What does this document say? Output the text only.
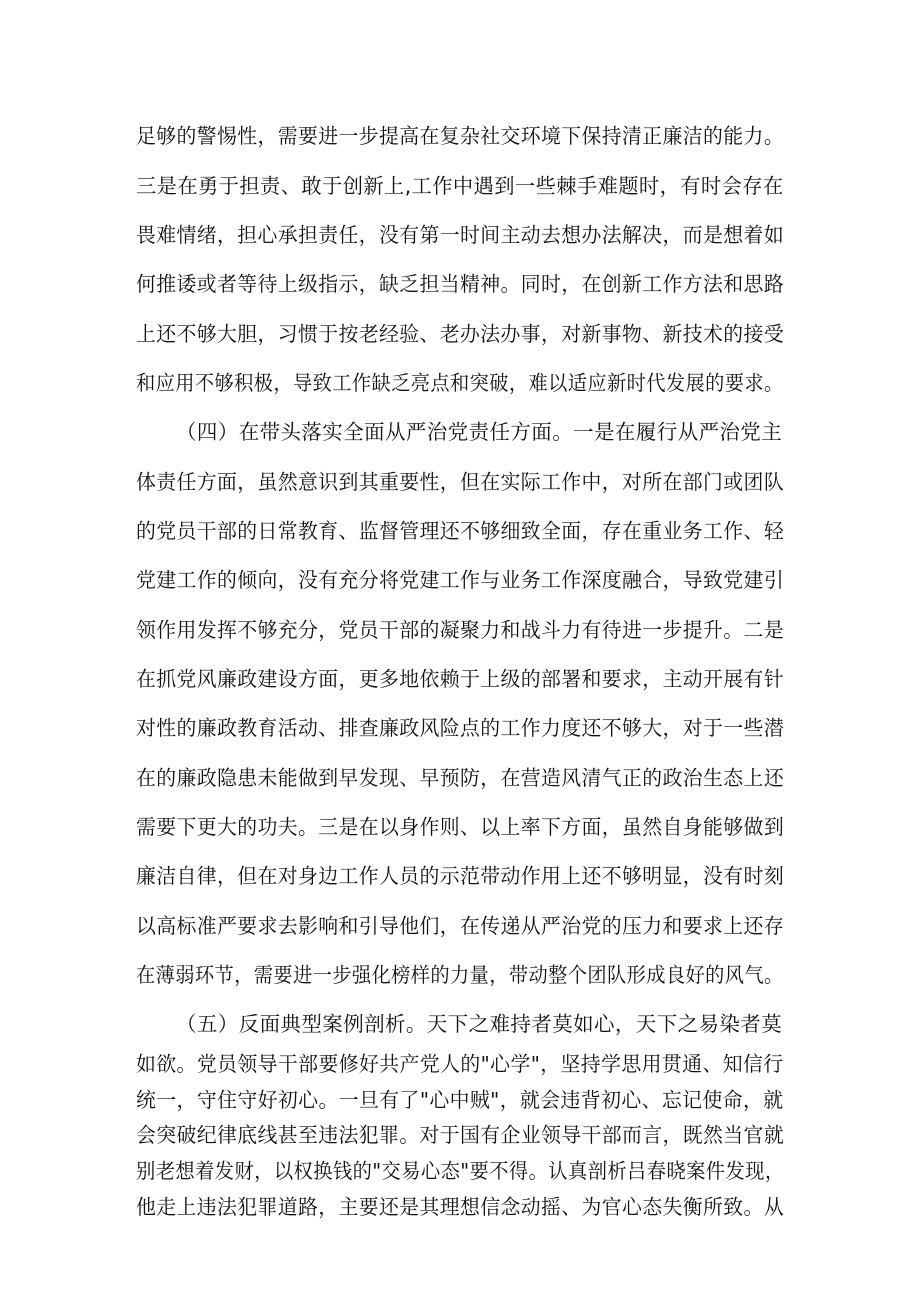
足够的警惕性，需要进一步提高在复杂社交环境下保持清正廉洁的能力。
三是在勇于担责、敢于创新上,工作中遇到一些棘手难题时，有时会存在
畏难情绪，担心承担责任，没有第一时间主动去想办法解决，而是想着如
何推诿或者等待上级指示，缺乏担当精神。同时，在创新工作方法和思路
上还不够大胆，习惯于按老经验、老办法办事，对新事物、新技术的接受
和应用不够积极，导致工作缺乏亮点和突破，难以适应新时代发展的要求。
（四）在带头落实全面从严治党责任方面。一是在履行从严治党主
体责任方面，虽然意识到其重要性，但在实际工作中，对所在部门或团队
的党员干部的日常教育、监督管理还不够细致全面，存在重业务工作、轻
党建工作的倾向，没有充分将党建工作与业务工作深度融合，导致党建引
领作用发挥不够充分，党员干部的凝聚力和战斗力有待进一步提升。二是
在抓党风廉政建设方面，更多地依赖于上级的部署和要求，主动开展有针
对性的廉政教育活动、排查廉政风险点的工作力度还不够大，对于一些潜
在的廉政隐患未能做到早发现、早预防，在营造风清气正的政治生态上还
需要下更大的功夫。三是在以身作则、以上率下方面，虽然自身能够做到
廉洁自律，但在对身边工作人员的示范带动作用上还不够明显，没有时刻
以高标准严要求去影响和引导他们，在传递从严治党的压力和要求上还存
在薄弱环节，需要进一步强化榜样的力量，带动整个团队形成良好的风气。
（五）反面典型案例剖析。天下之难持者莫如心，天下之易染者莫
如欲。党员领导干部要修好共产党人的"心学"，坚持学思用贯通、知信行
统一，守住守好初心。一旦有了"心中贼"，就会违背初心、忘记使命，就
会突破纪律底线甚至违法犯罪。对于国有企业领导干部而言，既然当官就
别老想着发财，以权换钱的"交易心态"要不得。认真剖析吕春晓案件发现，
他走上违法犯罪道路，主要还是其理想信念动摇、为官心态失衡所致。从
